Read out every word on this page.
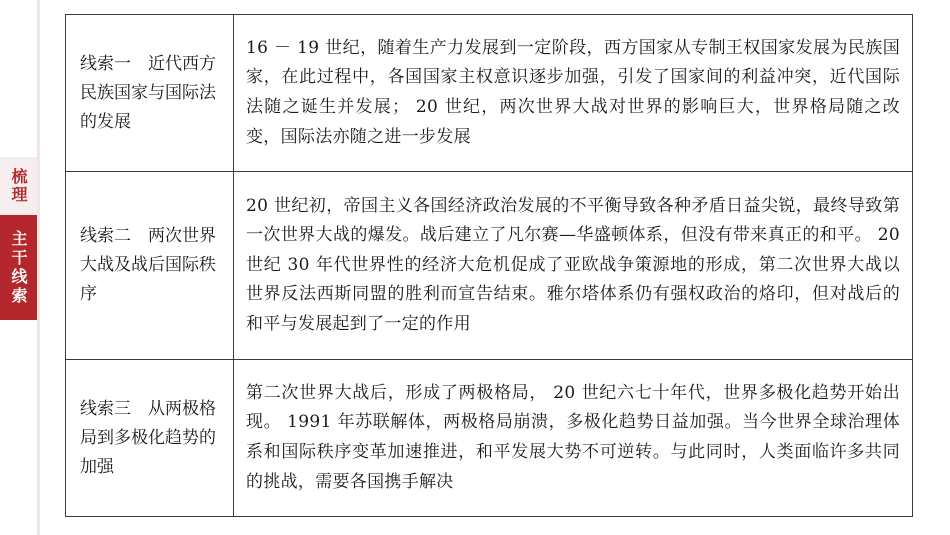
梳理
主干线索
线索一　近代西方民族国家与国际法的发展	16 － 19 世纪，随着生产力发展到一定阶段，西方国家从专制王权国家发展为民族国家，在此过程中，各国国家主权意识逐步加强，引发了国家间的利益冲突，近代国际法随之诞生并发展； 20 世纪，两次世界大战对世界的影响巨大，世界格局随之改变，国际法亦随之进一步发展
线索二　两次世界大战及战后国际秩序	20 世纪初，帝国主义各国经济政治发展的不平衡导致各种矛盾日益尖锐，最终导致第一次世界大战的爆发。战后建立了凡尔赛—华盛顿体系，但没有带来真正的和平。 20 世纪 30 年代世界性的经济大危机促成了亚欧战争策源地的形成，第二次世界大战以世界反法西斯同盟的胜利而宣告结束。雅尔塔体系仍有强权政治的烙印，但对战后的和平与发展起到了一定的作用
线索三　从两极格局到多极化趋势的加强	第二次世界大战后，形成了两极格局， 20 世纪六七十年代，世界多极化趋势开始出现。 1991 年苏联解体，两极格局崩溃，多极化趋势日益加强。当今世界全球治理体系和国际秩序变革加速推进，和平发展大势不可逆转。与此同时，人类面临许多共同的挑战，需要各国携手解决
